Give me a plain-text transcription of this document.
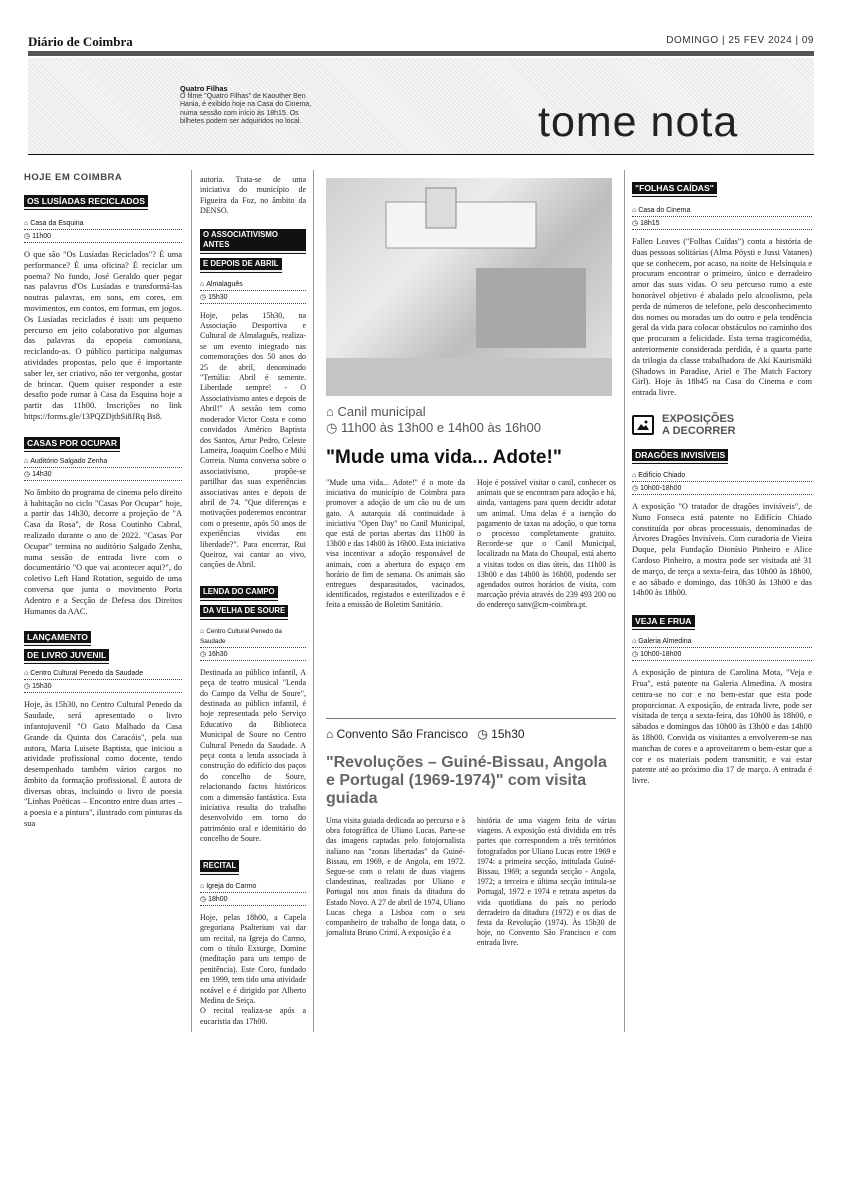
Diário de Coimbra	DOMINGO | 25 FEV 2024 | 09
Quatro Filhas
O filme "Quatro Filhas" de Kaouther Ben Hania, é exibido hoje na Casa do Cinema, numa sessão com início às 18h15. Os bilhetes podem ser adquiridos no local.	tome nota
HOJE EM COIMBRA
OS LUSÍADAS RECICLADOS
⌂ Casa da Esquina
◷ 11h00
O que são "Os Lusíadas Reciclados"? É uma performance? É uma oficina? É reciclar um poema? No fundo, José Geraldo quer pegar nas palavras d'Os Lusíadas e transformá-las noutras palavras, em sons, em cores, em movimentos, em contos, em formas, em jogos. Os Lusíadas reciclados é isso: um pequeno percurso em jeito colaborativo por algumas das palavras da epopeia camoniana, reciclando-as. O público participa nalgumas atividades propostas, pelo que é importante saber ler, ser criativo, não ter vergonha, gostar de brincar. Quem quiser responder a este desafio pode rumar à Casa da Esquina hoje a partir das 11h00. Inscrições no link https://forms.gle/13PQZDjtbSi8JRq Bs8.
CASAS POR OCUPAR
⌂ Auditório Salgado Zenha
◷ 14h30
No âmbito do programa de cinema pelo direito à habitação no ciclo "Casas Por Ocupar" hoje, a partir das 14h30, decorre a projeção de "A Casa da Rosa", de Rosa Coutinho Cabral, realizado durante o ano de 2022. "Casas Por Ocupar" termina no auditório Salgado Zenha, numa sessão de entrada livre com o documentário "O que vai acontecer aqui?", do coletivo Left Hand Rotation, seguido de uma conversa que junta o movimento Porta Adentro e a Secção de Defesa dos Direitos Humanos da AAC.
LANÇAMENTO
DE LIVRO JUVENIL
⌂ Centro Cultural Penedo da Saudade
◷ 15h30
Hoje, às 15h30, no Centro Cultural Penedo da Saudade, será apresentado o livro infantojuvenil "O Gato Malhado da Casa Grande da Quinta dos Caracóis", pela sua autora, Maria Luisete Baptista, que iniciou a atividade profissional como docente, tendo desempenhado também vários cargos no âmbito da formação profissional. É autora de diversas obras, incluindo o livro de poesia "Linhas Poéticas – Encontro entre duas artes – a poesia e a pintura", ilustrado com pinturas da sua
autoria. Trata-se de uma iniciativa do município de Figueira da Foz, no âmbito da DENSO.
O ASSOCIATIVISMO ANTES
E DEPOIS DE ABRIL
⌂ Almalaguês
◷ 15h30
Hoje, pelas 15h30, na Associação Desportiva e Cultural de Almalaguês, realiza-se um evento integrado nas comemorações dos 50 anos do 25 de abril, denominado "Tertúlia: Abril é semente. Liberdade sempre! - O Associativismo antes e depois de Abril!" A sessão tem como moderador Victor Costa e como convidados Américo Baptista dos Santos, Artur Pedro, Celeste Lameira, Joaquim Coelho e Milú Correia. Numa conversa sobre o associativismo, propõe-se partilhar das suas experiências associativas antes e depois de abril de 74. "Que diferenças e motivações poderemos encontrar com o presente, após 50 anos de experiências vividas em liberdade?". Para encerrar, Rui Queiroz, vai cantar ao vivo, canções de Abril.
LENDA DO CAMPO
DA VELHA DE SOURE
⌂ Centro Cultural Penedo da Saudade
◷ 16h30
Destinada ao público infantil, A peça de teatro musical "Lenda do Campo da Velha de Soure", destinada ao público infantil, é hoje representada pelo Serviço Educativo da Biblioteca Municipal de Soure no Centro Cultural Penedo da Saudade. A peça conta a lenda associada à construção do edifício dos paços do concelho de Soure, relacionando factos históricos com a dimensão fantástica. Esta iniciativa resulta do trabalho desenvolvido em torno do património oral e identitário do concelho de Soure.
RECITAL
⌂ Igreja do Carmo
◷ 18h00
Hoje, pelas 18h00, a Capela gregoriana Psalterium vai dar um recital, na Igreja do Carmo, com o título Exsurge, Domine (meditação para um tempo de penitência). Este Coro, fundado em 1999, tem tido uma atividade notável e é dirigido por Alberto Medina de Seiça.
O recital realiza-se após a eucaristia das 17h00.
⌂ Canil municipal
◷ 11h00 às 13h00 e 14h00 às 16h00
"Mude uma vida... Adote!"
"Mude uma vida... Adote!" é o mote da iniciativa do município de Coimbra para promover a adoção de um cão ou de um gato. A autarquia dá continuidade à iniciativa "Open Day" no Canil Municipal, que está de portas abertas das 11h00 às 13h00 e das 14h00 às 16h00. Esta iniciativa visa incentivar a adoção responsável de animais, com a abertura do espaço em horário de fim de semana. Os animais são entregues desparasitados, vacinados, identificados, registados e esterilizados e é feita a emissão de Boletim Sanitário.
Hoje é possível visitar o canil, conhecer os animais que se encontram para adoção e há, ainda, vantagens para quem decidir adotar um animal. Uma delas é a isenção do pagamento de taxas na adoção, o que torna o processo completamente gratuito. Recorde-se que o Canil Municipal, localizado na Mata do Choupal, está aberto a visitas todos os dias úteis, das 11h00 às 13h00 e das 14h00 às 16h00, podendo ser agendados outros horários de visita, com marcação prévia através do 239 493 200 ou do endereço sanv@cm-coimbra.pt.
⌂ Convento São Francisco ◷ 15h30
"Revoluções – Guiné-Bissau, Angola e Portugal (1969-1974)" com visita guiada
Uma visita guiada dedicada ao percurso e à obra fotográfica de Uliano Lucas. Parte-se das imagens captadas pelo fotojornalista italiano nas "zonas libertadas" da Guiné-Bissau, em 1969, e de Angola, em 1972. Segue-se com o relato de duas viagens clandestinas, realizadas por Uliano e Portugal nos anos finais da ditadura do Estado Novo. A 27 de abril de 1974, Uliano Lucas chega a Lisboa com o seu companheiro de trabalho de longa data, o jornalista Bruno Crimi. A exposição é a
história de uma viagem feita de várias viagens. A exposição está dividida em três partes que correspondem a três territórios fotografados por Uliano Lucas entre 1969 e 1974: a primeira secção, intitulada Guiné-Bissau, 1969; a segunda secção - Angola, 1972; a terceira e última secção intitula-se Portugal, 1972 e 1974 e retrata aspetos da vida quotidiana do país no período derradeiro da ditadura (1972) e os dias de festa da Revolução (1974). Às 15h30 de hoje, no Convento São Francisco e com entrada livre.
"FOLHAS CAÍDAS"
⌂ Casa do Cinema
◷ 18h15
Fallen Leaves ("Folhas Caídas") conta a história de duas pessoas solitárias (Alma Pöysti e Jussi Vatanen) que se conhecem, por acaso, na noite de Helsínquia e procuram encontrar o primeiro, único e derradeiro amor das suas vidas. O seu percurso rumo a este honorável objetivo é abalado pelo alcoolismo, pela perda de números de telefone, pelo desconhecimento dos nomes ou moradas um do outro e pela tendência geral da vida para colocar obstáculos no caminho dos que procuram a felicidade. Esta terna tragicomédia, anteriormente considerada perdida, é a quarta parte da trilogia da classe trabalhadora de Aki Kaurismäki (Shadows in Paradise, Ariel e The Match Factory Girl). Hoje às 18h45 na Casa do Cinema e com entrada livre.
EXPOSIÇÕES
A DECORRER
DRAGÕES INVISÍVEIS
⌂ Edifício Chiado
◷ 10h00-18h00
A exposição "O tratador de dragões invisíveis", de Nuno Fonseca está patente no Edifício Chiado constituída por obras processuais, denominadas de Árvores Dragões Invisíveis. Com curadoria de Vieira Duque, pela Fundação Dionísio Pinheiro e Alice Cardoso Pinheiro, a mostra pode ser visitada até 31 de março, de terça a sexta-feira, das 10h00 às 18h00, e ao sábado e domingo, das 10h30 às 13h00 e das 14h00 às 18h00.
VEJA E FRUA
⌂ Galeria Almedina
◷ 10h00-18h00
A exposição de pintura de Carolina Mota, "Veja e Frua", está patente na Galeria Almedina. A mostra centra-se no cor e no bem-estar que esta pode proporcionar. A exposição, de entrada livre, pode ser visitada de terça a sexta-feira, das 10h00 às 18h00, e sábados e domingos das 10h00 às 13h00 e das 14h00 às 18h00. Convida os visitantes a envolverem-se nas manchas de cores e a aproveitarem o bem-estar que a cor e os materiais podem transmitir, e vai estar patente até ao próximo dia 17 de março. A entrada é livre.
